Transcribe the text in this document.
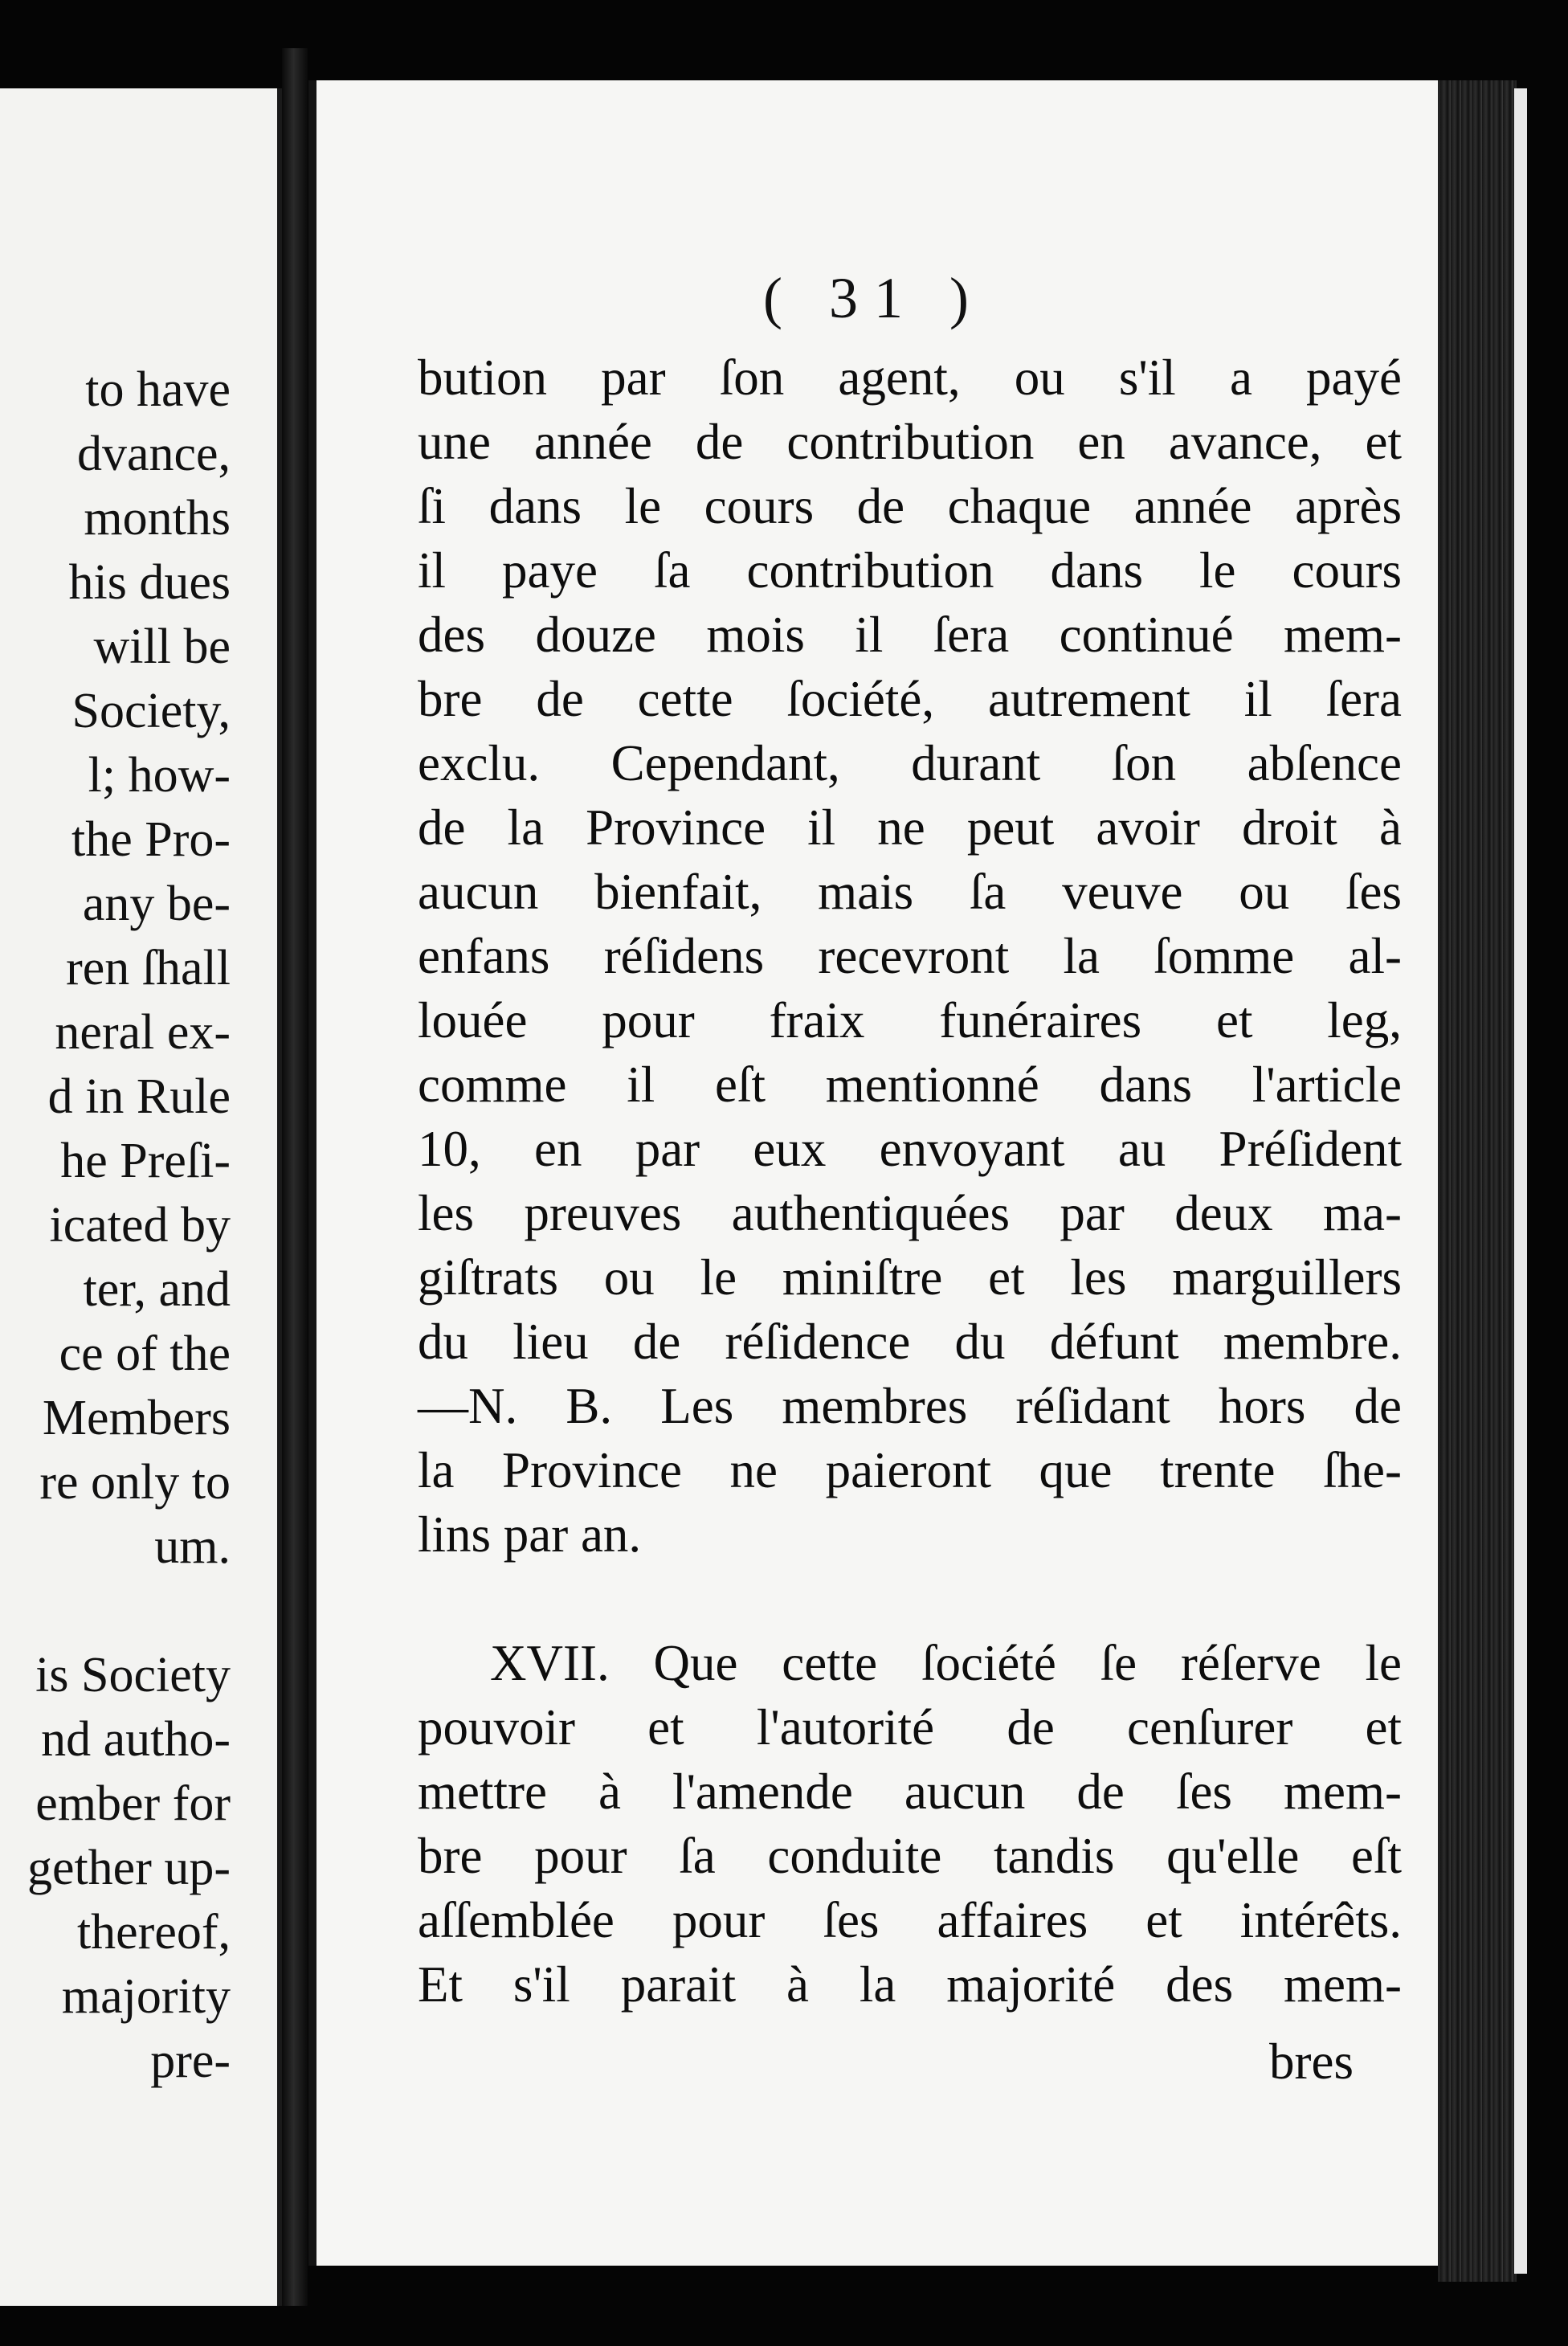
to have
dvance,
months
his dues
will be
Society,
l; how-
the Pro-
any be-
ren ſhall
neral ex-
d in Rule
he Preſi-
icated by
ter, and
ce of the
Members
re only to
um.
is Society
nd autho-
ember for
gether up-
thereof,
majority
pre-
( 31 )
bution par ſon agent, ou s'il a payé
une année de contribution en avance, et
ſi dans le cours de chaque année après
il paye ſa contribution dans le cours
des douze mois il ſera continué mem-
bre de cette ſociété, autrement il ſera
exclu. Cependant, durant ſon abſence
de la Province il ne peut avoir droit à
aucun bienfait, mais ſa veuve ou ſes
enfans réſidens recevront la ſomme al-
louée pour fraix funéraires et leg,
comme il eſt mentionné dans l'article
10, en par eux envoyant au Préſident
les preuves authentiquées par deux ma-
giſtrats ou le miniſtre et les marguillers
du lieu de réſidence du défunt membre.
—N. B. Les membres réſidant hors de
la Province ne paieront que trente ſhe-
lins par an.
XVII. Que cette ſociété ſe réſerve le
pouvoir et l'autorité de cenſurer et
mettre à l'amende aucun de ſes mem-
bre pour ſa conduite tandis qu'elle eſt
aſſemblée pour ſes affaires et intérêts.
Et s'il parait à la majorité des mem-
bres
